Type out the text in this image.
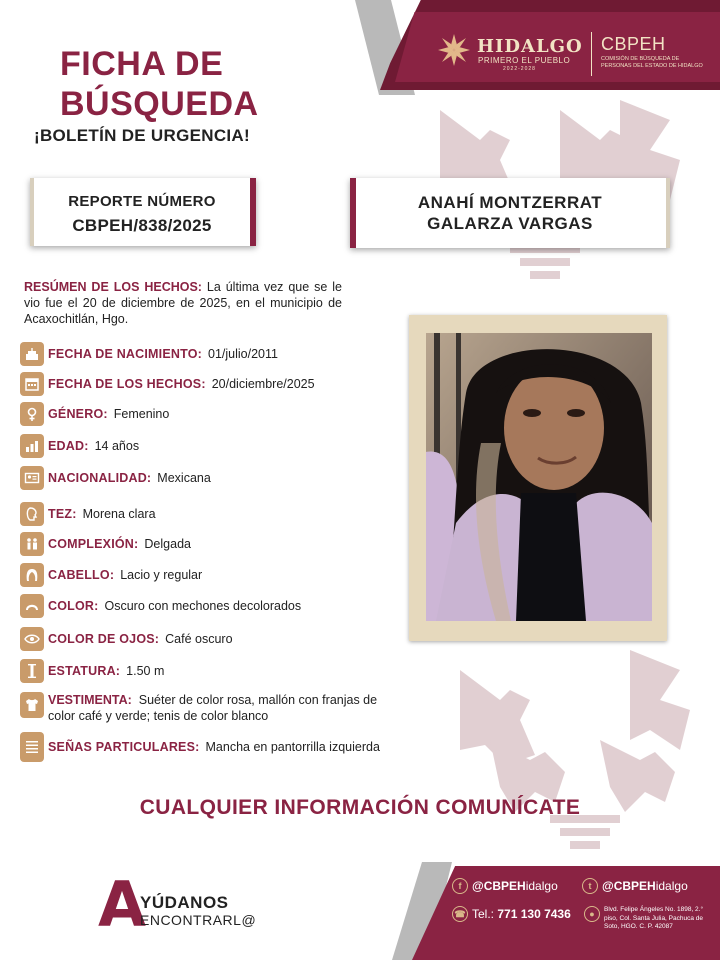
HIDALGO
PRIMERO EL PUEBLO
2022-2028
CBPEH
COMISIÓN DE BÚSQUEDA DE PERSONAS DEL ESTADO DE HIDALGO
FICHA DE
BÚSQUEDA
¡BOLETÍN DE URGENCIA!
REPORTE NÚMERO
CBPEH/838/2025
ANAHÍ MONTZERRAT
GALARZA VARGAS
RESÚMEN DE LOS HECHOS: La última vez que se le vio fue el 20 de diciembre de 2025, en el municipio de Acaxochitlán, Hgo.
FECHA DE NACIMIENTO: 01/julio/2011
FECHA DE LOS HECHOS: 20/diciembre/2025
GÉNERO: Femenino
EDAD: 14 años
NACIONALIDAD: Mexicana
TEZ: Morena clara
COMPLEXIÓN: Delgada
CABELLO: Lacio y regular
COLOR: Oscuro con mechones decolorados
COLOR DE OJOS: Café oscuro
ESTATURA: 1.50 m
VESTIMENTA: Suéter de color rosa, mallón con franjas de color café y verde; tenis de color blanco
SEÑAS PARTICULARES: Mancha en pantorrilla izquierda
CUALQUIER INFORMACIÓN COMUNÍCATE
A
YÚDANOS
ENCONTRARL@
f @CBPEH idalgo	t @CBPEH idalgo
☎ Tel.:
771 130 7436	●	Blvd. Felipe Ángeles No. 1898, 2.° piso, Col. Santa Julia, Pachuca de Soto, HGO. C. P. 42087
